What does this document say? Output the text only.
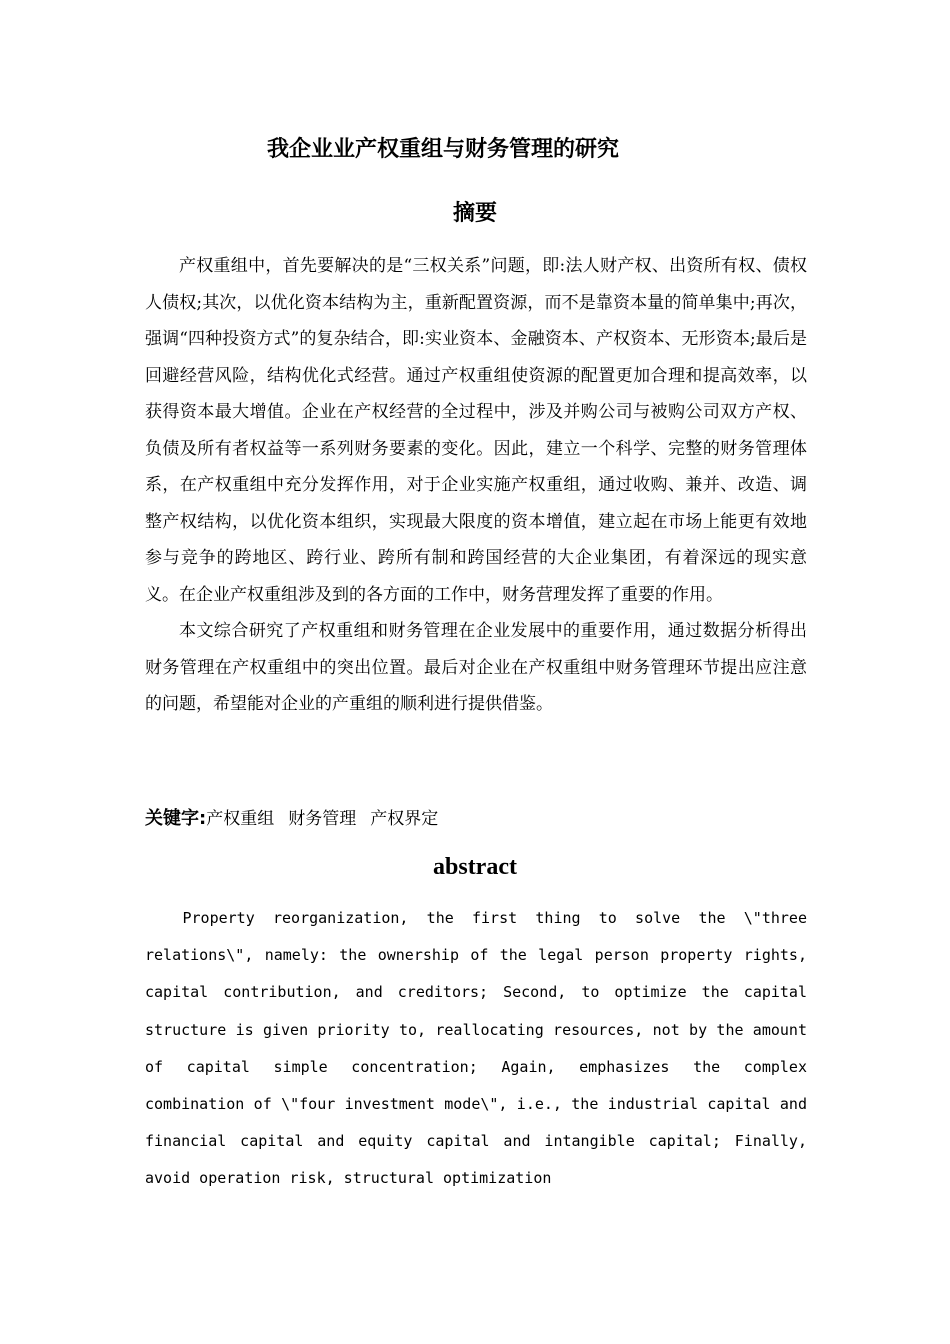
我企业业产权重组与财务管理的研究
摘要

产权重组中，首先要解决的是“三权关系”问题，即:法人财产权、出资所有权、债权人债权;其次，以优化资本结构为主，重新配置资源，而不是靠资本量的简单集中;再次，强调“四种投资方式”的复杂结合，即:实业资本、金融资本、产权资本、无形资本;最后是回避经营风险，结构优化式经营。通过产权重组使资源的配置更加合理和提高效率，以获得资本最大增值。企业在产权经营的全过程中，涉及并购公司与被购公司双方产权、负债及所有者权益等一系列财务要素的变化。因此，建立一个科学、完整的财务管理体系，在产权重组中充分发挥作用，对于企业实施产权重组，通过收购、兼并、改造、调整产权结构，以优化资本组织，实现最大限度的资本增值，建立起在市场上能更有效地参与竞争的跨地区、跨行业、跨所有制和跨国经营的大企业集团，有着深远的现实意义。在企业产权重组涉及到的各方面的工作中，财务营理发挥了重要的作用。

本文综合研究了产权重组和财务管理在企业发展中的重要作用，通过数据分析得出财务管理在产权重组中的突出位置。最后对企业在产权重组中财务管理环节提出应注意的问题，希望能对企业的产重组的顺利进行提供借鉴。

关键字:产权重组 财务管理 产权界定
abstract

Property reorganization, the first thing to solve the \"three relations\", namely: the ownership of the legal person property rights, capital contribution, and creditors; Second, to optimize the capital structure is given priority to, reallocating resources, not by the amount of capital simple concentration; Again, emphasizes the complex combination of \"four investment mode\", i.e., the industrial capital and financial capital and equity capital and intangible capital; Finally, avoid operation risk, structural optimization
